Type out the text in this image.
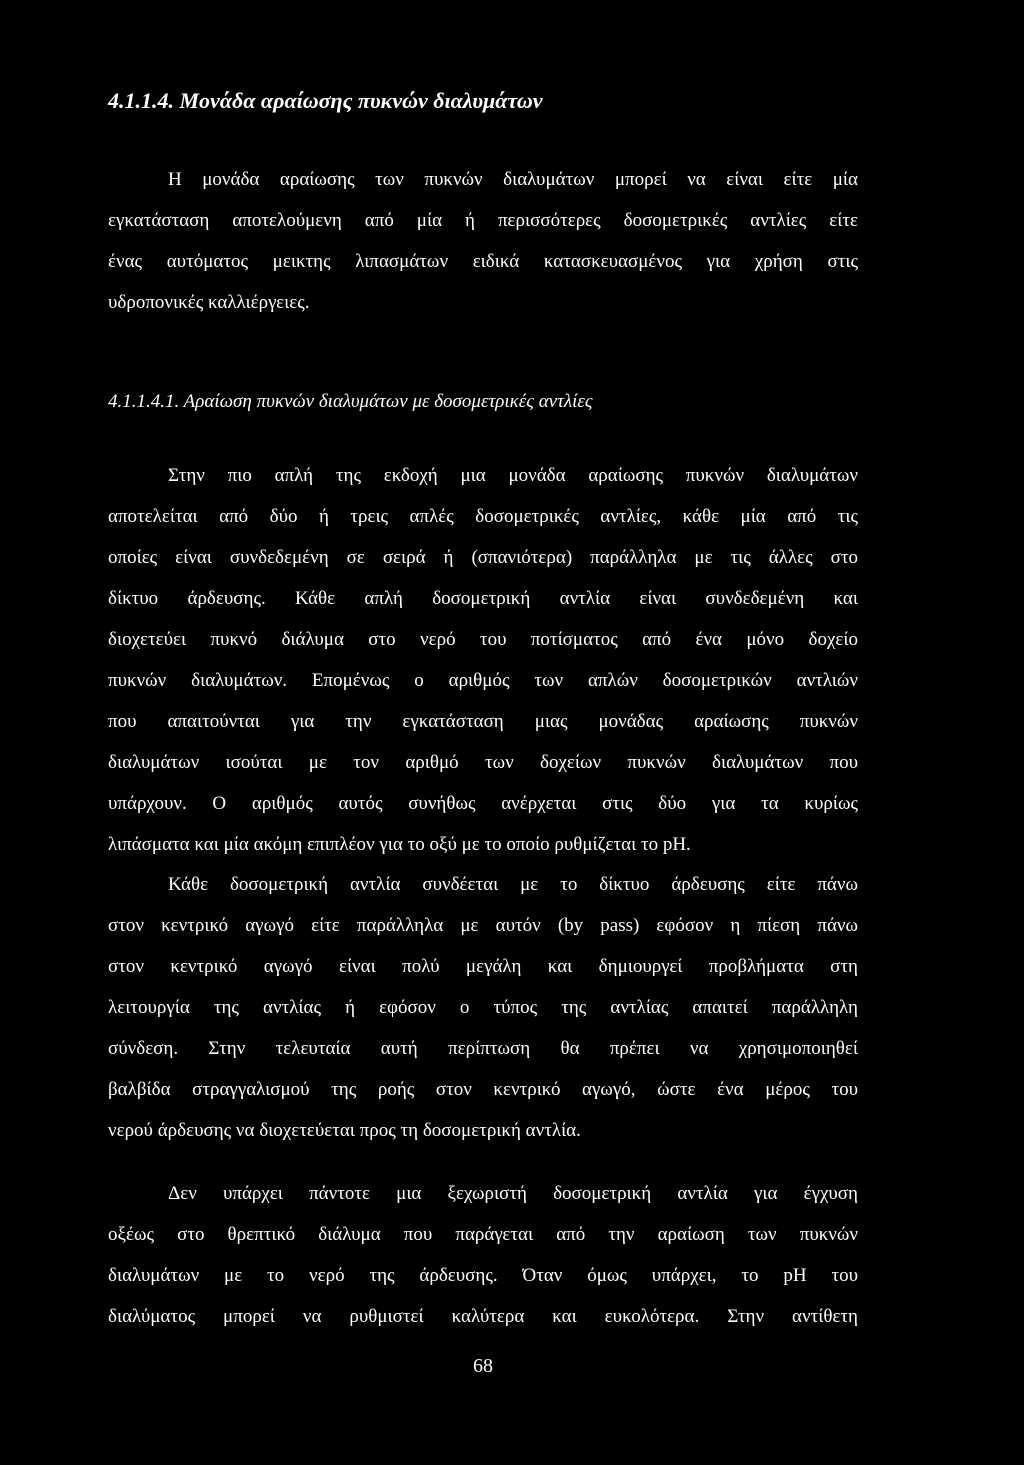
4.1.1.4. Μονάδα αραίωσης πυκνών διαλυμάτων
Η μονάδα αραίωσης των πυκνών διαλυμάτων μπορεί να είναι είτε μία
εγκατάσταση αποτελούμενη από μία ή περισσότερες δοσομετρικές αντλίες είτε
ένας αυτόματος μεικτης λιπασμάτων ειδικά κατασκευασμένος για χρήση στις
υδροπονικές καλλιέργειες.
4.1.1.4.1. Αραίωση πυκνών διαλυμάτων με δοσομετρικές αντλίες
Στην πιο απλή της εκδοχή μια μονάδα αραίωσης πυκνών διαλυμάτων
αποτελείται από δύο ή τρεις απλές δοσομετρικές αντλίες, κάθε μία από τις
οποίες είναι συνδεδεμένη σε σειρά ή (σπανιότερα) παράλληλα με τις άλλες στο
δίκτυο άρδευσης. Κάθε απλή δοσομετρική αντλία είναι συνδεδεμένη και
διοχετεύει πυκνό διάλυμα στο νερό του ποτίσματος από ένα μόνο δοχείο
πυκνών διαλυμάτων. Επομένως ο αριθμός των απλών δοσομετρικών αντλιών
που απαιτούνται για την εγκατάσταση μιας μονάδας αραίωσης πυκνών
διαλυμάτων ισούται με τον αριθμό των δοχείων πυκνών διαλυμάτων που
υπάρχουν. Ο αριθμός αυτός συνήθως ανέρχεται στις δύο για τα κυρίως
λιπάσματα και μία ακόμη επιπλέον για το οξύ με το οποίο ρυθμίζεται το pH.
Κάθε δοσομετρική αντλία συνδέεται με το δίκτυο άρδευσης είτε πάνω
στον κεντρικό αγωγό είτε παράλληλα με αυτόν (by pass) εφόσον η πίεση πάνω
στον κεντρικό αγωγό είναι πολύ μεγάλη και δημιουργεί προβλήματα στη
λειτουργία της αντλίας ή εφόσον ο τύπος της αντλίας απαιτεί παράλληλη
σύνδεση. Στην τελευταία αυτή περίπτωση θα πρέπει να χρησιμοποιηθεί
βαλβίδα στραγγαλισμού της ροής στον κεντρικό αγωγό, ώστε ένα μέρος του
νερού άρδευσης να διοχετεύεται προς τη δοσομετρική αντλία.
Δεν υπάρχει πάντοτε μια ξεχωριστή δοσομετρική αντλία για έγχυση
οξέως στο θρεπτικό διάλυμα που παράγεται από την αραίωση των πυκνών
διαλυμάτων με το νερό της άρδευσης. Όταν όμως υπάρχει, το pH του
διαλύματος μπορεί να ρυθμιστεί καλύτερα και ευκολότερα. Στην αντίθετη
68
